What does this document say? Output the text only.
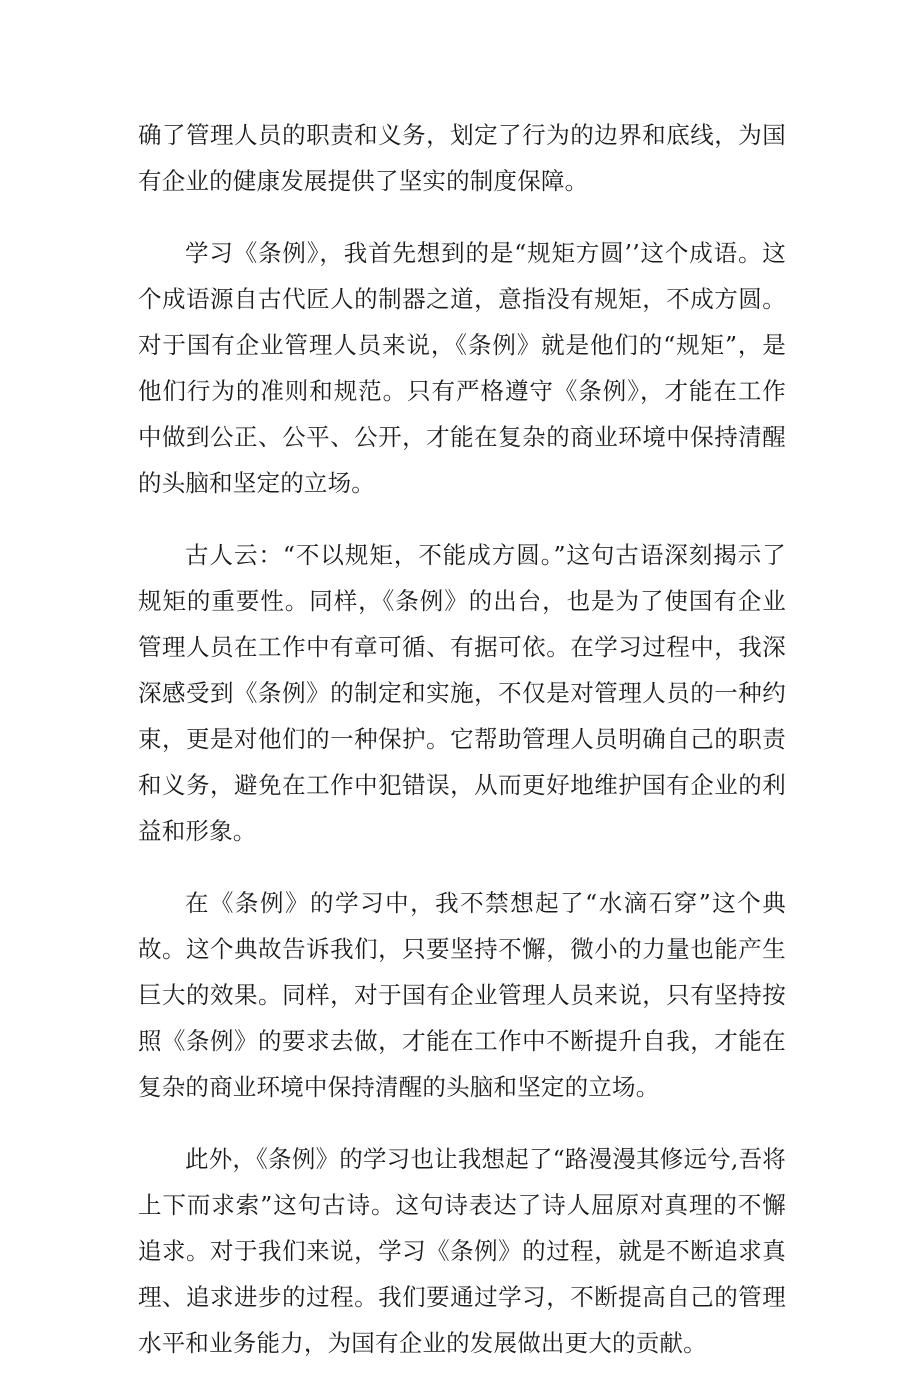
确了管理人员的职责和义务，划定了行为的边界和底线，为国有企业的健康发展提供了坚实的制度保障。

学习《条例》，我首先想到的是“规矩方圆’’这个成语。这个成语源自古代匠人的制器之道，意指没有规矩，不成方圆。对于国有企业管理人员来说，《条例》就是他们的“规矩”，是他们行为的准则和规范。只有严格遵守《条例》，才能在工作中做到公正、公平、公开，才能在复杂的商业环境中保持清醒的头脑和坚定的立场。

古人云：“不以规矩，不能成方圆。”这句古语深刻揭示了规矩的重要性。同样，《条例》的出台，也是为了使国有企业管理人员在工作中有章可循、有据可依。在学习过程中，我深深感受到《条例》的制定和实施，不仅是对管理人员的一种约束，更是对他们的一种保护。它帮助管理人员明确自己的职责和义务，避免在工作中犯错误，从而更好地维护国有企业的利益和形象。

在《条例》的学习中，我不禁想起了“水滴石穿”这个典故。这个典故告诉我们，只要坚持不懈，微小的力量也能产生巨大的效果。同样，对于国有企业管理人员来说，只有坚持按照《条例》的要求去做，才能在工作中不断提升自我，才能在复杂的商业环境中保持清醒的头脑和坚定的立场。

此外，《条例》的学习也让我想起了“路漫漫其修远兮,吾将上下而求索”这句古诗。这句诗表达了诗人屈原对真理的不懈追求。对于我们来说，学习《条例》的过程，就是不断追求真理、追求进步的过程。我们要通过学习，不断提高自己的管理水平和业务能力，为国有企业的发展做出更大的贡献。
